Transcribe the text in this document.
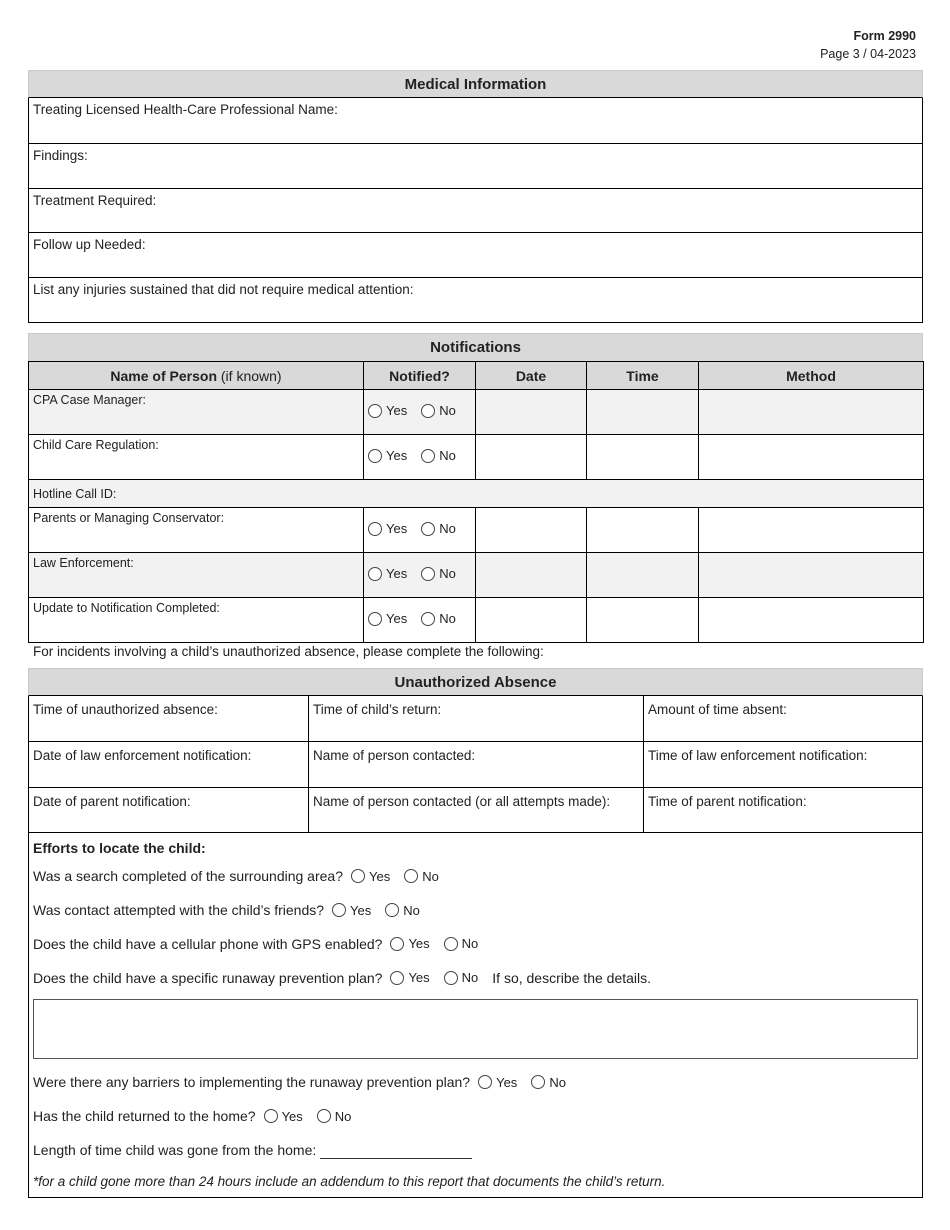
Form 2990
Page 3 / 04-2023
Medical Information
Treating Licensed Health-Care Professional Name:
Findings:
Treatment Required:
Follow up Needed:
List any injuries sustained that did not require medical attention:
Notifications
Name of Person (if known)	Notified?	Date	Time	Method
CPA Case Manager:	Yes No			

Child Care Regulation:	Yes No			

Hotline Call ID:				
Parents or Managing Conservator:	Yes No			

Law Enforcement:	Yes No			

Update to Notification Completed:	Yes No			

For incidents involving a child’s unauthorized absence, please complete the following:
Unauthorized Absence
Time of unauthorized absence:	Time of child’s return:	Amount of time absent:
Date of law enforcement notification:	Name of person contacted:	Time of law enforcement notification:
Date of parent notification:	Name of person contacted (or all attempts made):	Time of parent notification:
Efforts to locate the child:
Was a search completed of the surrounding area? Yes No
Was contact attempted with the child’s friends? Yes No
Does the child have a cellular phone with GPS enabled? Yes No
Does the child have a specific runaway prevention plan? Yes No If so, describe the details.
Were there any barriers to implementing the runaway prevention plan? Yes No
Has the child returned to the home? Yes No
Length of time child was gone from the home:
*for a child gone more than 24 hours include an addendum to this report that documents the child’s return.
